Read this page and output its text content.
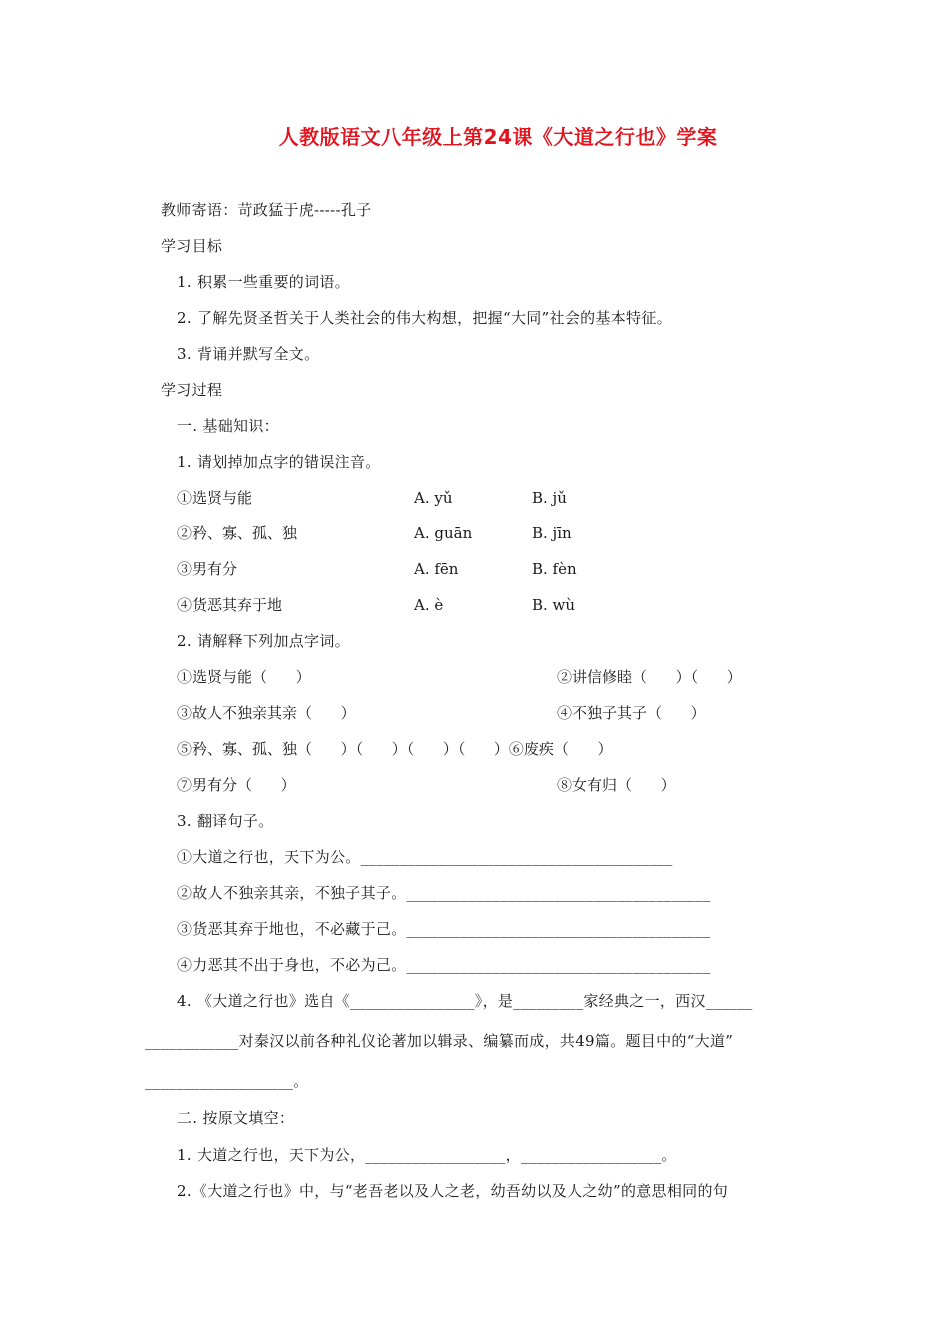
人教版语文八年级上第24课《大道之行也》学案
教师寄语：苛政猛于虎-----孔子
学习目标
1. 积累一些重要的词语。
2. 了解先贤圣哲关于人类社会的伟大构想，把握“大同”社会的基本特征。
3. 背诵并默写全文。
学习过程
一. 基础知识：
1. 请划掉加点字的错误注音。
①选贤与能	A. yǔ	B. jǔ
②矜、寡、孤、独	A. guān	B. jīn
③男有分	A. fēn	B. fèn
④货恶其弃于地	A. è	B. wù
2. 请解释下列加点字词。
①选贤与能（      ）	②讲信修睦（      ）（      ）
③故人不独亲其亲（      ）	④不独子其子（      ）
⑤矜、寡、孤、独（      ）（      ）（      ）（      ）⑥废疾（      ）
⑦男有分（      ）	⑧女有归（      ）
3. 翻译句子。
①大道之行也，天下为公。________________________________________
②故人不独亲其亲，不独子其子。_______________________________________
③货恶其弃于地也，不必藏于己。_______________________________________
④力恶其不出于身也，不必为己。_______________________________________
4. 《大道之行也》选自《________________》，是_________家经典之一，西汉______
____________对秦汉以前各种礼仪论著加以辑录、编纂而成，共49篇。题目中的“大道”
___________________。
二. 按原文填空：
1. 大道之行也，天下为公，__________________，__________________。
2.《大道之行也》中，与“老吾老以及人之老，幼吾幼以及人之幼”的意思相同的句
